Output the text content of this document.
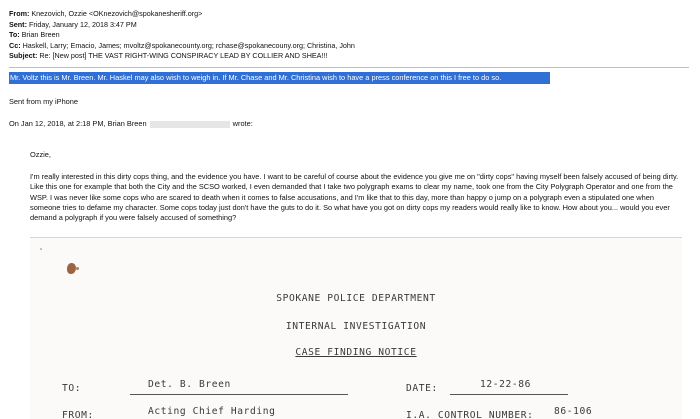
From: Knezovich, Ozzie <OKnezovich@spokanesheriff.org>
Sent: Friday, January 12, 2018 3:47 PM
To: Brian Breen
Cc: Haskell, Larry; Emacio, James; mvoltz@spokanecounty.org; rchase@spokanecouny.org; Christina, John
Subject: Re: [New post] THE VAST RIGHT-WING CONSPIRACY LEAD BY COLLIER AND SHEA!!!
Mr. Voltz this is Mr. Breen. Mr. Haskel may also wish to weigh in. If Mr. Chase and Mr. Christina wish to have a press conference on this I free to do so.
Sent from my iPhone
On Jan 12, 2018, at 2:18 PM, Brian Breen	wrote:
Ozzie,
I'm really interested in this dirty cops thing, and the evidence you have. I want to be careful of course about the evidence you give me on "dirty cops" having myself been falsely accused of being dirty. Like this one for example that both the City and the SCSO worked, I even demanded that I take two polygraph exams to clear my name, took one from the City Polygraph Operator and one from the WSP. I was never like some cops who are scared to death when it comes to false accusations, and I'm like that to this day, more than happy o jump on a polygraph even a stipulated one when someone tries to defame my character. Some cops today just don't have the guts to do it. So what have you got on dirty cops my readers would really like to know. How about you... would you ever demand a polygraph if you were falsely accused of something?
SPOKANE POLICE DEPARTMENT
INTERNAL INVESTIGATION
CASE FINDING NOTICE
TO:	Det. B. Breen	DATE:	12-22-86
FROM:	Acting Chief Harding	I.A. CONTROL NUMBER: 86-106
